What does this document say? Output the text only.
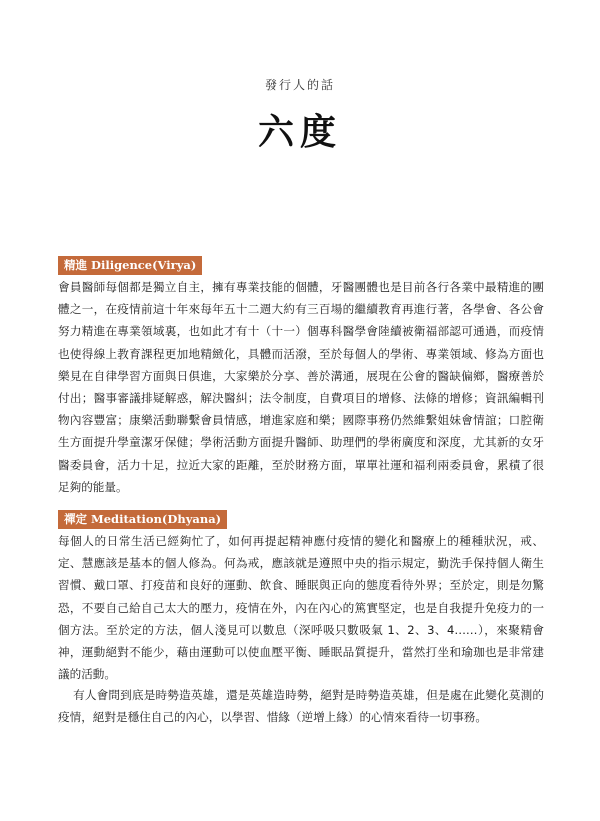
發行人的話
六度
精進 Diligence(Virya)

會員醫師每個都是獨立自主，擁有專業技能的個體，牙醫團體也是目前各行各業中最精進的團體之一，在疫情前這十年來每年五十二週大約有三百場的繼續教育再進行著，各學會、各公會努力精進在專業領域裏，也如此才有十（十一）個專科醫學會陸續被衛福部認可通過，而疫情也使得線上教育課程更加地精緻化，具體而活潑，至於每個人的學術、專業領域、修為方面也樂見在自律學習方面與日俱進，大家樂於分享、善於溝通，展現在公會的醫缺偏鄉，醫療善於付出；醫事審議排疑解惑，解決醫糾；法令制度，自費項目的增修、法條的增修；資訊編輯刊物內容豐富；康樂活動聯繫會員情感，增進家庭和樂；國際事務仍然維繫姐妹會情誼；口腔衛生方面提升學童潔牙保健；學術活動方面提升醫師、助理們的學術廣度和深度，尤其新的女牙醫委員會，活力十足，拉近大家的距離，至於財務方面，單單社運和福利兩委員會，累積了很足夠的能量。

禪定 Meditation(Dhyana)

每個人的日常生活已經夠忙了，如何再提起精神應付疫情的變化和醫療上的種種狀況，戒、定、慧應該是基本的個人修為。何為戒，應該就是遵照中央的指示規定，勤洗手保持個人衛生習慣、戴口罩、打疫苗和良好的運動、飲食、睡眠與正向的態度看待外界；至於定，則是勿驚恐，不要自己給自己太大的壓力，疫情在外，內在內心的篤實堅定，也是自我提升免疫力的一個方法。至於定的方法，個人淺見可以數息（深呼吸只數吸氣 1、2、3、4……），來聚精會神，運動絕對不能少，藉由運動可以使血壓平衡、睡眠品質提升，當然打坐和瑜珈也是非常建議的活動。

有人會問到底是時勢造英雄，還是英雄造時勢，絕對是時勢造英雄，但是處在此變化莫測的疫情，絕對是穩住自己的內心，以學習、惜緣（逆增上緣）的心情來看待一切事務。
